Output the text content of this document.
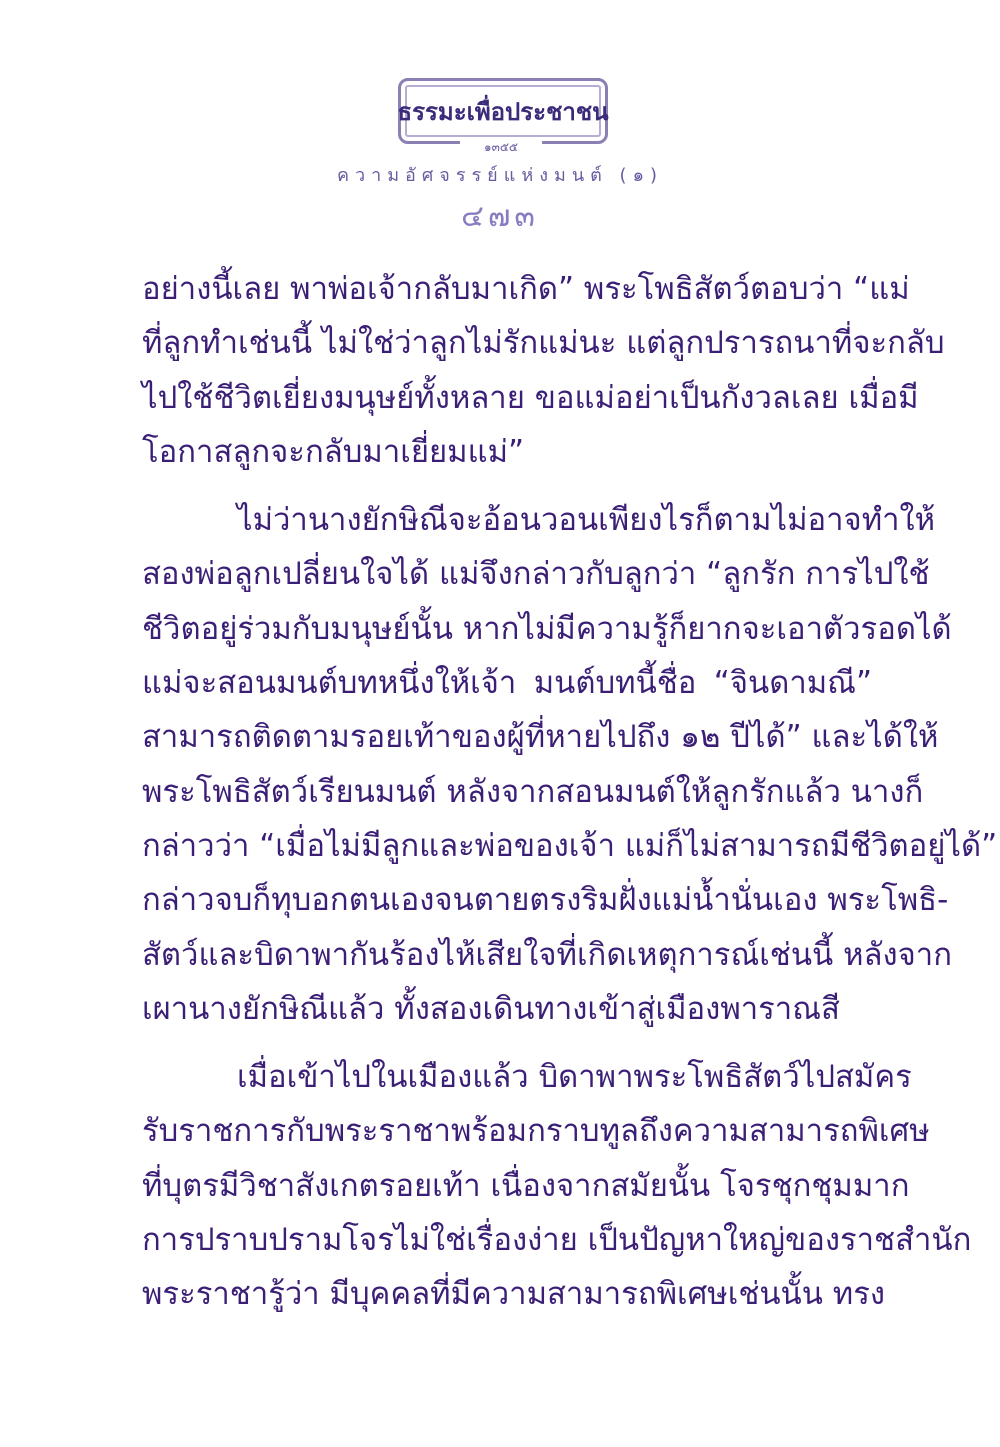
ธรรมะเพื่อประชาชน
๑๓๕๕
ความอัศจรรย์แห่งมนต์ (๑)
๔๗๓
อย่างนี้เลย พาพ่อเจ้ากลับมาเกิด” พระโพธิสัตว์ตอบว่า “แม่
ที่ลูกทำเช่นนี้ ไม่ใช่ว่าลูกไม่รักแม่นะ แต่ลูกปรารถนาที่จะกลับ
ไปใช้ชีวิตเยี่ยงมนุษย์ทั้งหลาย ขอแม่อย่าเป็นกังวลเลย เมื่อมี
โอกาสลูกจะกลับมาเยี่ยมแม่”
ไม่ว่านางยักษิณีจะอ้อนวอนเพียงไรก็ตามไม่อาจทำให้
สองพ่อลูกเปลี่ยนใจได้ แม่จึงกล่าวกับลูกว่า “ลูกรัก การไปใช้
ชีวิตอยู่ร่วมกับมนุษย์นั้น หากไม่มีความรู้ก็ยากจะเอาตัวรอดได้
แม่จะสอนมนต์บทหนึ่งให้เจ้า มนต์บทนี้ชื่อ “จินดามณี”
สามารถติดตามรอยเท้าของผู้ที่หายไปถึง ๑๒ ปีได้” และได้ให้
พระโพธิสัตว์เรียนมนต์ หลังจากสอนมนต์ให้ลูกรักแล้ว นางก็
กล่าวว่า “เมื่อไม่มีลูกและพ่อของเจ้า แม่ก็ไม่สามารถมีชีวิตอยู่ได้”
กล่าวจบก็ทุบอกตนเองจนตายตรงริมฝั่งแม่น้ำนั่นเอง พระโพธิ-
สัตว์และบิดาพากันร้องไห้เสียใจที่เกิดเหตุการณ์เช่นนี้ หลังจาก
เผานางยักษิณีแล้ว ทั้งสองเดินทางเข้าสู่เมืองพาราณสี
เมื่อเข้าไปในเมืองแล้ว บิดาพาพระโพธิสัตว์ไปสมัคร
รับราชการกับพระราชาพร้อมกราบทูลถึงความสามารถพิเศษ
ที่บุตรมีวิชาสังเกตรอยเท้า เนื่องจากสมัยนั้น โจรชุกชุมมาก
การปราบปรามโจรไม่ใช่เรื่องง่าย เป็นปัญหาใหญ่ของราชสำนัก
พระราชารู้ว่า มีบุคคลที่มีความสามารถพิเศษเช่นนั้น ทรง
